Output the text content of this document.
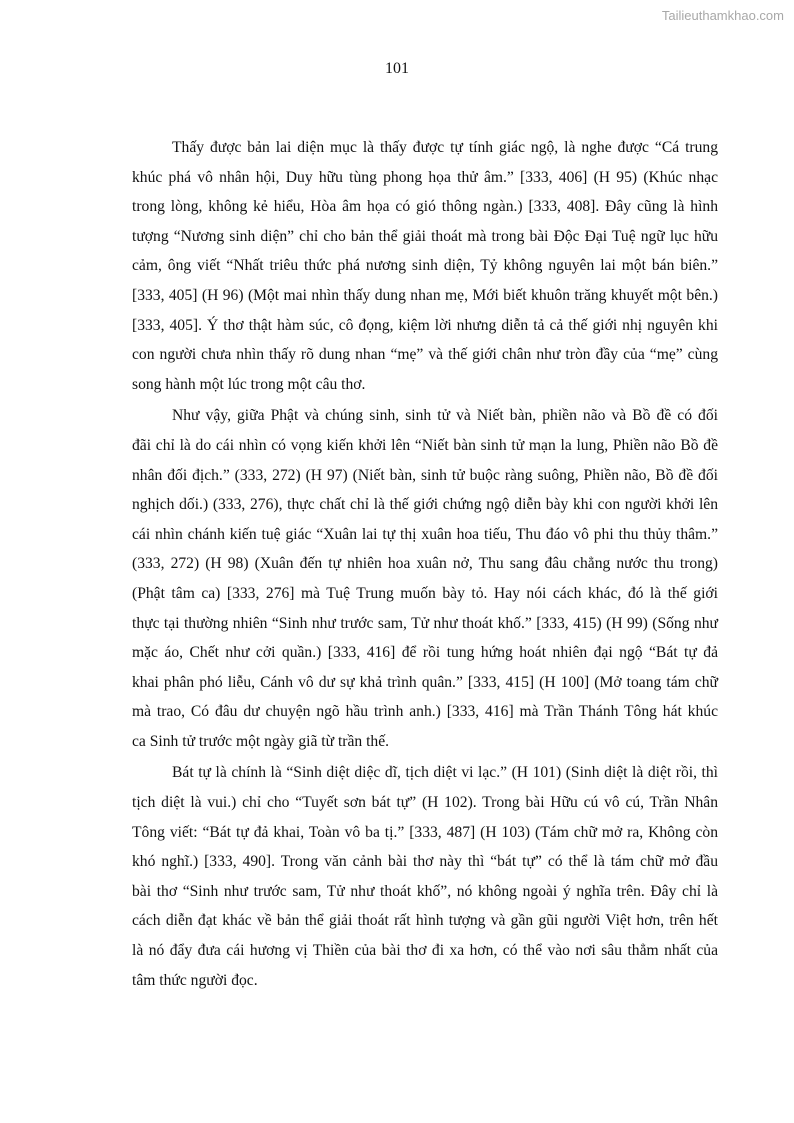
Tailieuthamkhao.com
101
Thấy được bản lai diện mục là thấy được tự tính giác ngộ, là nghe được “Cá trung
khúc phá vô nhân hội, Duy hữu tùng phong họa thử âm.” [333, 406] (H 95) (Khúc nhạc
trong lòng, không kẻ hiểu, Hòa âm họa có gió thông ngàn.) [333, 408]. Đây cũng là hình
tượng “Nương sinh diện” chỉ cho bản thể giải thoát mà trong bài Độc Đại Tuệ ngữ lục hữu
cảm, ông viết “Nhất triêu thức phá nương sinh diện, Tỷ không nguyên lai một bán biên.”
[333, 405] (H 96) (Một mai nhìn thấy dung nhan mẹ, Mới biết khuôn trăng khuyết một bên.)
[333, 405]. Ý thơ thật hàm súc, cô đọng, kiệm lời nhưng diễn tả cả thế giới nhị nguyên khi
con người chưa nhìn thấy rõ dung nhan “mẹ” và thế giới chân như tròn đầy của “mẹ” cùng
song hành một lúc trong một câu thơ.
Như vậy, giữa Phật và chúng sinh, sinh tử và Niết bàn, phiền não và Bồ đề có đối
đãi chỉ là do cái nhìn có vọng kiến khởi lên “Niết bàn sinh tử mạn la lung, Phiền não Bồ đề
nhân đối địch.” (333, 272) (H 97) (Niết bàn, sinh tử buộc ràng suông, Phiền não, Bồ đề đối
nghịch dối.) (333, 276), thực chất chỉ là thế giới chứng ngộ diễn bày khi con người khởi lên
cái nhìn chánh kiến tuệ giác “Xuân lai tự thị xuân hoa tiếu, Thu đáo vô phi thu thủy thâm.”
(333, 272) (H 98) (Xuân đến tự nhiên hoa xuân nở, Thu sang đâu chẳng nước thu trong)
(Phật tâm ca) [333, 276] mà Tuệ Trung muốn bày tỏ. Hay nói cách khác, đó là thế giới
thực tại thường nhiên “Sinh như trước sam, Tử như thoát khố.” [333, 415) (H 99) (Sống như
mặc áo, Chết như cởi quần.) [333, 416] để rồi tung hứng hoát nhiên đại ngộ “Bát tự đả
khai phân phó liễu, Cánh vô dư sự khả trình quân.” [333, 415] (H 100] (Mở toang tám chữ
mà trao, Có đâu dư chuyện ngõ hầu trình anh.) [333, 416] mà Trần Thánh Tông hát khúc
ca Sinh tử trước một ngày giã từ trần thế.
Bát tự là chính là “Sinh diệt diệc dĩ, tịch diệt vi lạc.” (H 101) (Sinh diệt là diệt rồi, thì
tịch diệt là vui.) chỉ cho “Tuyết sơn bát tự” (H 102). Trong bài Hữu cú vô cú, Trần Nhân
Tông viết: “Bát tự đả khai, Toàn vô ba tị.” [333, 487] (H 103) (Tám chữ mở ra, Không còn
khó nghĩ.) [333, 490]. Trong văn cảnh bài thơ này thì “bát tự” có thể là tám chữ mở đầu
bài thơ “Sinh như trước sam, Tử như thoát khố”, nó không ngoài ý nghĩa trên. Đây chỉ là
cách diễn đạt khác về bản thể giải thoát rất hình tượng và gần gũi người Việt hơn, trên hết
là nó đẩy đưa cái hương vị Thiền của bài thơ đi xa hơn, có thể vào nơi sâu thẳm nhất của
tâm thức người đọc.
